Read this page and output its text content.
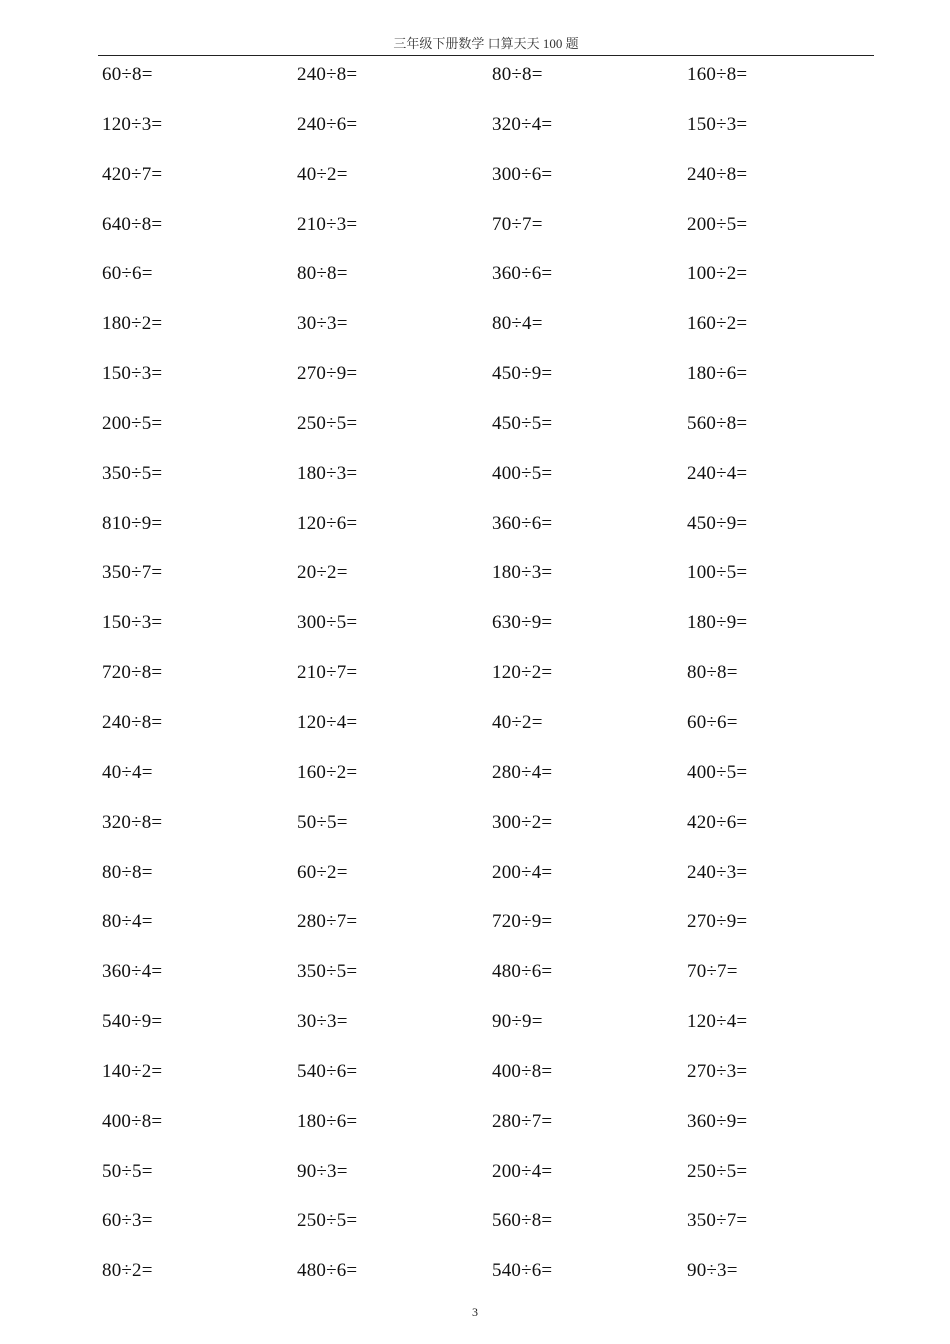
三年级下册数学 口算天天 100 题
60÷8=	240÷8=	80÷8=	160÷8=
120÷3=	240÷6=	320÷4=	150÷3=
420÷7=	40÷2=	300÷6=	240÷8=
640÷8=	210÷3=	70÷7=	200÷5=
60÷6=	80÷8=	360÷6=	100÷2=
180÷2=	30÷3=	80÷4=	160÷2=
150÷3=	270÷9=	450÷9=	180÷6=
200÷5=	250÷5=	450÷5=	560÷8=
350÷5=	180÷3=	400÷5=	240÷4=
810÷9=	120÷6=	360÷6=	450÷9=
350÷7=	20÷2=	180÷3=	100÷5=
150÷3=	300÷5=	630÷9=	180÷9=
720÷8=	210÷7=	120÷2=	80÷8=
240÷8=	120÷4=	40÷2=	60÷6=
40÷4=	160÷2=	280÷4=	400÷5=
320÷8=	50÷5=	300÷2=	420÷6=
80÷8=	60÷2=	200÷4=	240÷3=
80÷4=	280÷7=	720÷9=	270÷9=
360÷4=	350÷5=	480÷6=	70÷7=
540÷9=	30÷3=	90÷9=	120÷4=
140÷2=	540÷6=	400÷8=	270÷3=
400÷8=	180÷6=	280÷7=	360÷9=
50÷5=	90÷3=	200÷4=	250÷5=
60÷3=	250÷5=	560÷8=	350÷7=
80÷2=	480÷6=	540÷6=	90÷3=
3
